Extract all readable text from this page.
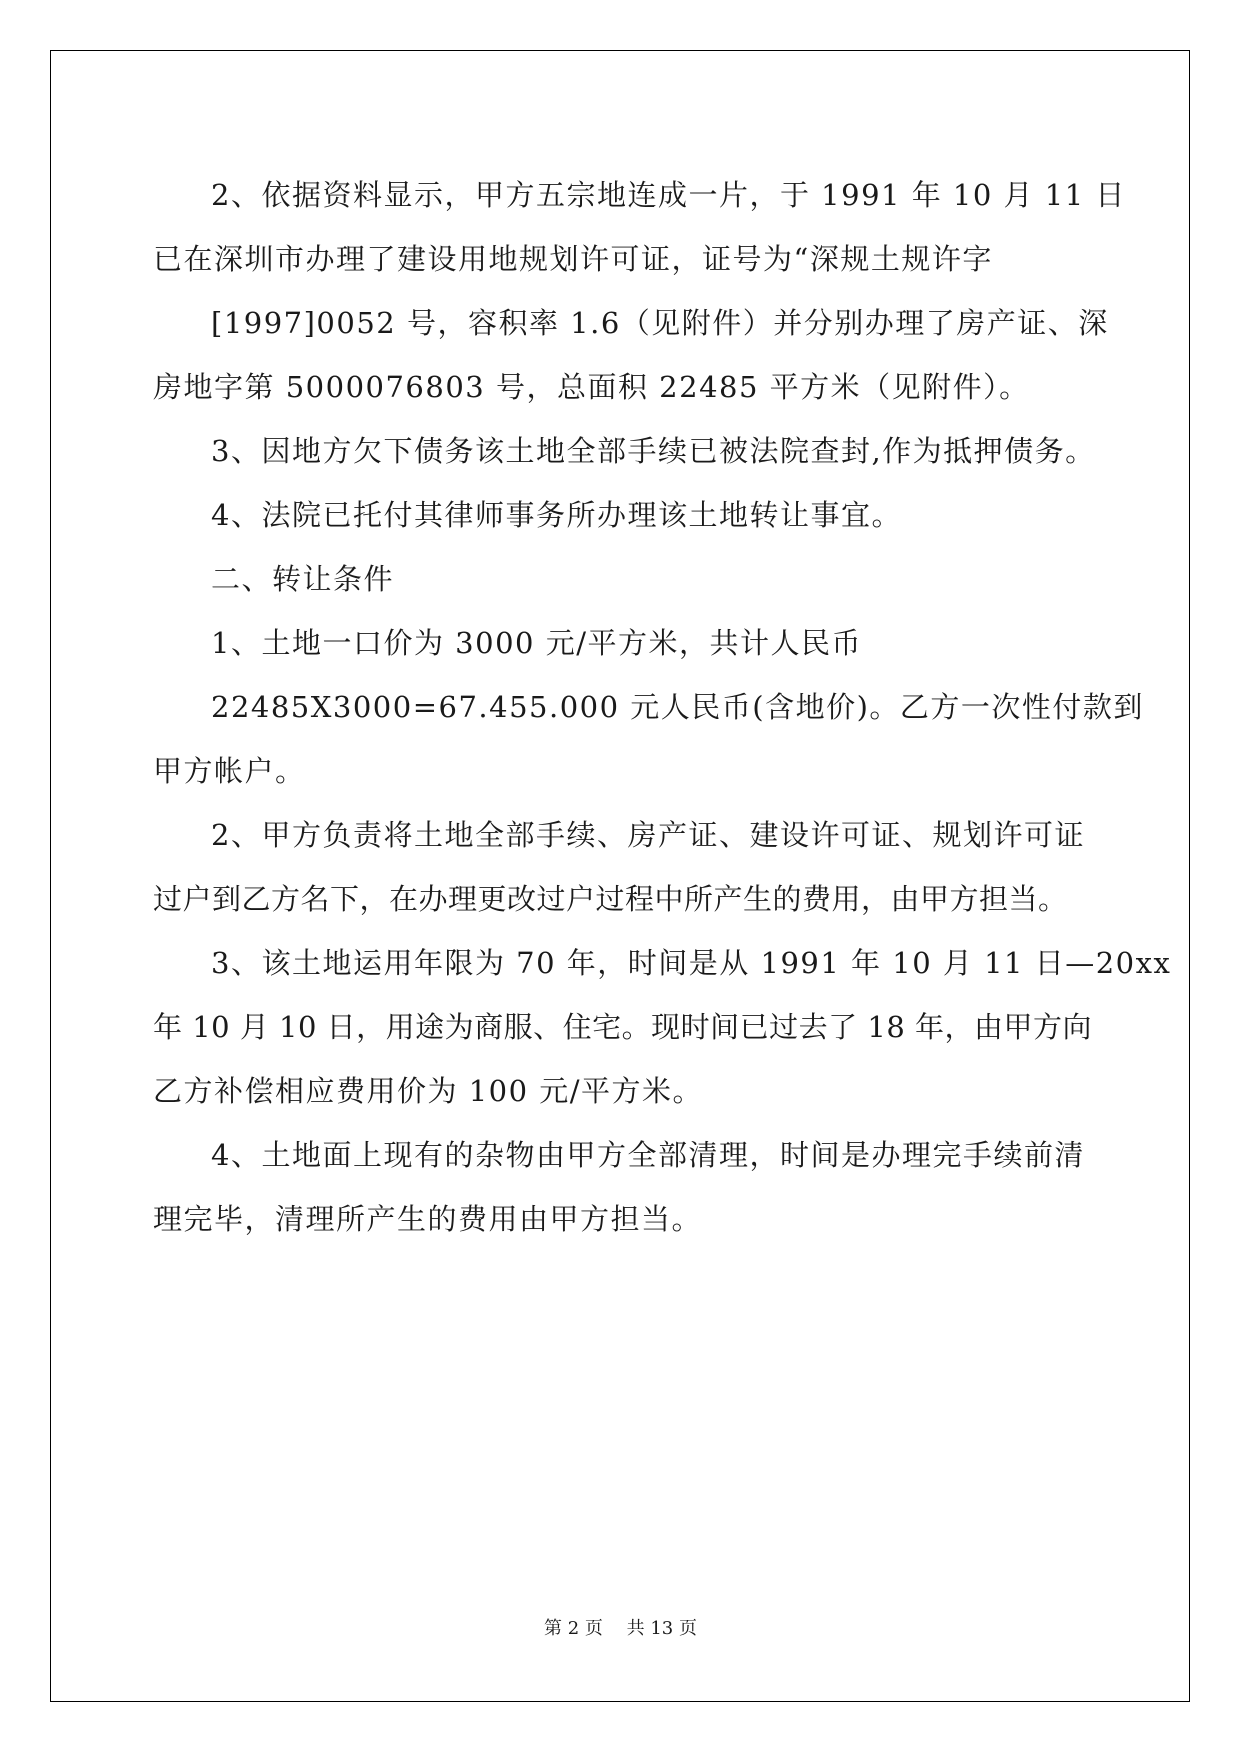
2、依据资料显示，甲方五宗地连成一片，于 1991 年 10 月 11 日
已在深圳市办理了建设用地规划许可证，证号为“深规土规许字
[1997]0052 号，容积率 1.6（见附件）并分别办理了房产证、深
房地字第 5000076803 号，总面积 22485 平方米（见附件）。
3、因地方欠下债务该土地全部手续已被法院查封,作为抵押债务。
4、法院已托付其律师事务所办理该土地转让事宜。
二、转让条件
1、土地一口价为 3000 元/平方米，共计人民币
22485X3000=67.455.000 元人民币(含地价)。乙方一次性付款到
甲方帐户。
2、甲方负责将土地全部手续、房产证、建设许可证、规划许可证
过户到乙方名下，在办理更改过户过程中所产生的费用，由甲方担当。
3、该土地运用年限为 70 年，时间是从 1991 年 10 月 11 日—20xx
年 10 月 10 日，用途为商服、住宅。现时间已过去了 18 年，由甲方向
乙方补偿相应费用价为 100 元/平方米。
4、土地面上现有的杂物由甲方全部清理，时间是办理完手续前清
理完毕，清理所产生的费用由甲方担当。
第 2 页　 共 13 页
